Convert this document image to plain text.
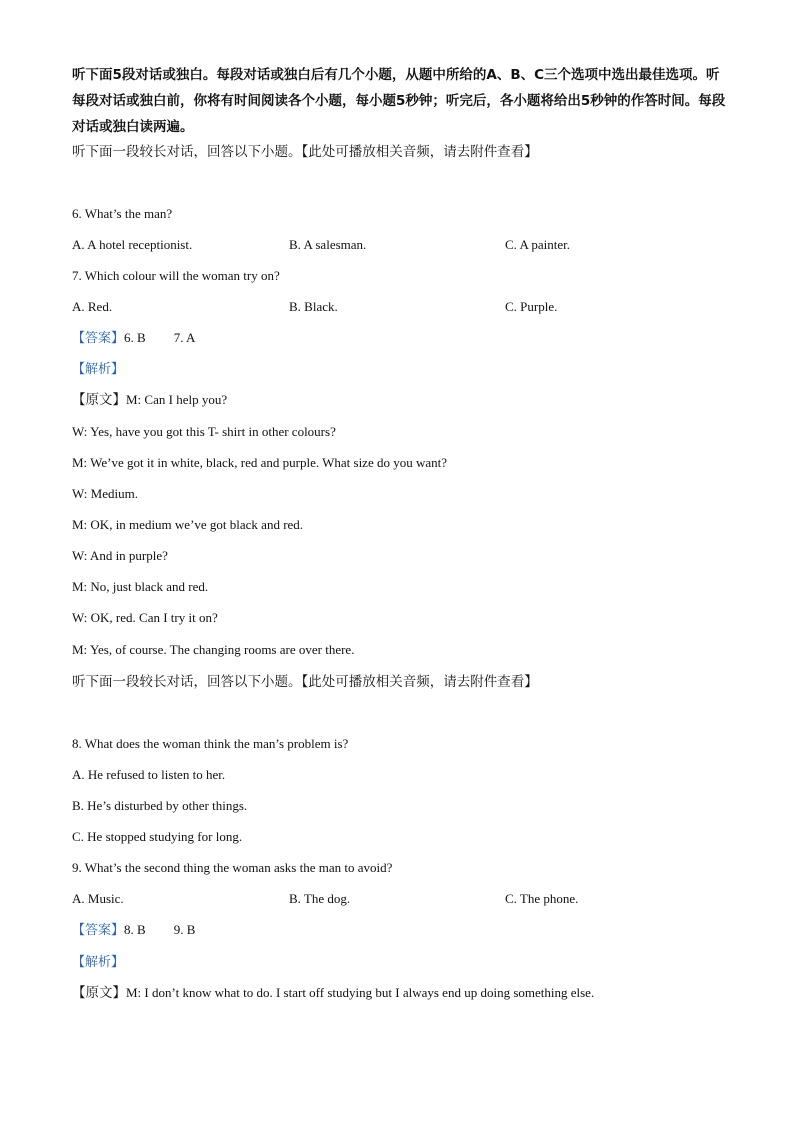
听下面5段对话或独白。每段对话或独白后有几个小题，从题中所给的A、B、C三个选项中选出最佳选项。听每段对话或独白前，你将有时间阅读各个小题，每小题5秒钟；听完后，各小题将给出5秒钟的作答时间。每段对话或独白读两遍。
听下面一段较长对话，回答以下小题。【此处可播放相关音频，请去附件查看】
6. What’s the man?
A. A hotel receptionist.	B. A salesman.	C. A painter.
7. Which colour will the woman try on?
A. Red.	B. Black.	C. Purple.
【答案】6. B 7. A
【解析】
【原文】M: Can I help you?
W: Yes, have you got this T- shirt in other colours?
M: We’ve got it in white, black, red and purple. What size do you want?
W: Medium.
M: OK, in medium we’ve got black and red.
W: And in purple?
M: No, just black and red.
W: OK, red. Can I try it on?
M: Yes, of course. The changing rooms are over there.
听下面一段较长对话，回答以下小题。【此处可播放相关音频，请去附件查看】
8. What does the woman think the man’s problem is?
A. He refused to listen to her.
B. He’s disturbed by other things.
C. He stopped studying for long.
9. What’s the second thing the woman asks the man to avoid?
A. Music.	B. The dog.	C. The phone.
【答案】8. B 9. B
【解析】
【原文】M: I don’t know what to do. I start off studying but I always end up doing something else.
